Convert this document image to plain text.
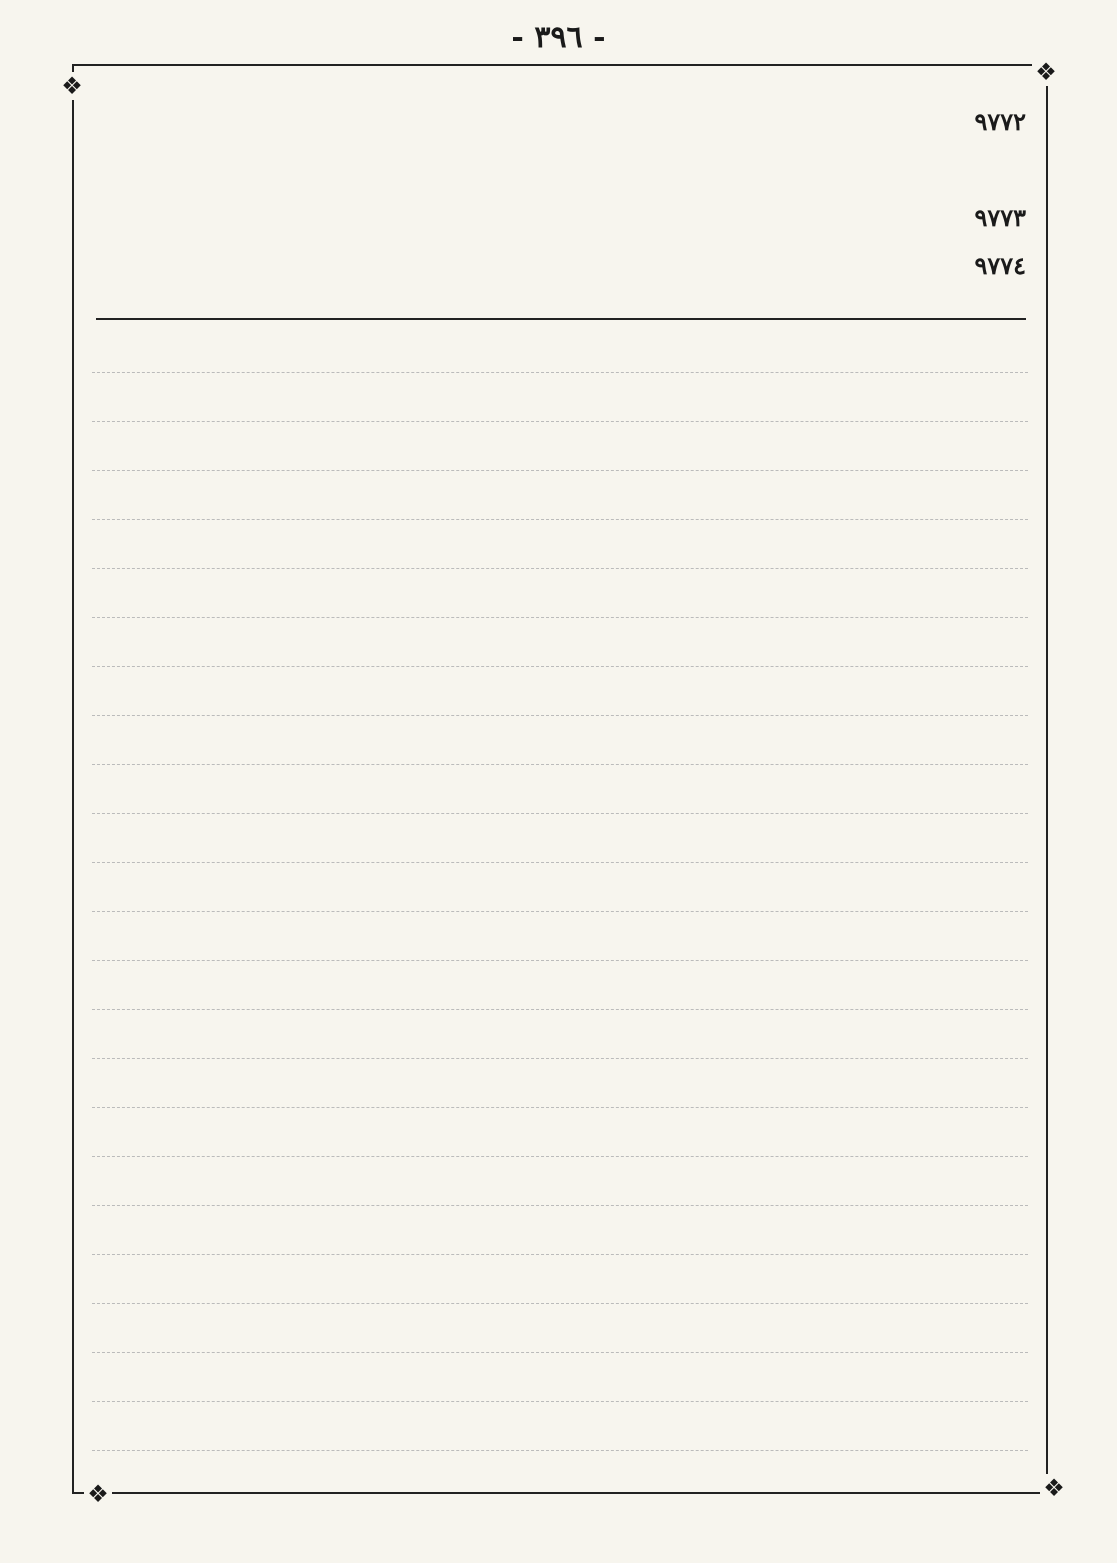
- ۳۹٦ -
❖	❖
❖	❖
٩٧٧٢
٩٧٧٣
٩٧٧٤
